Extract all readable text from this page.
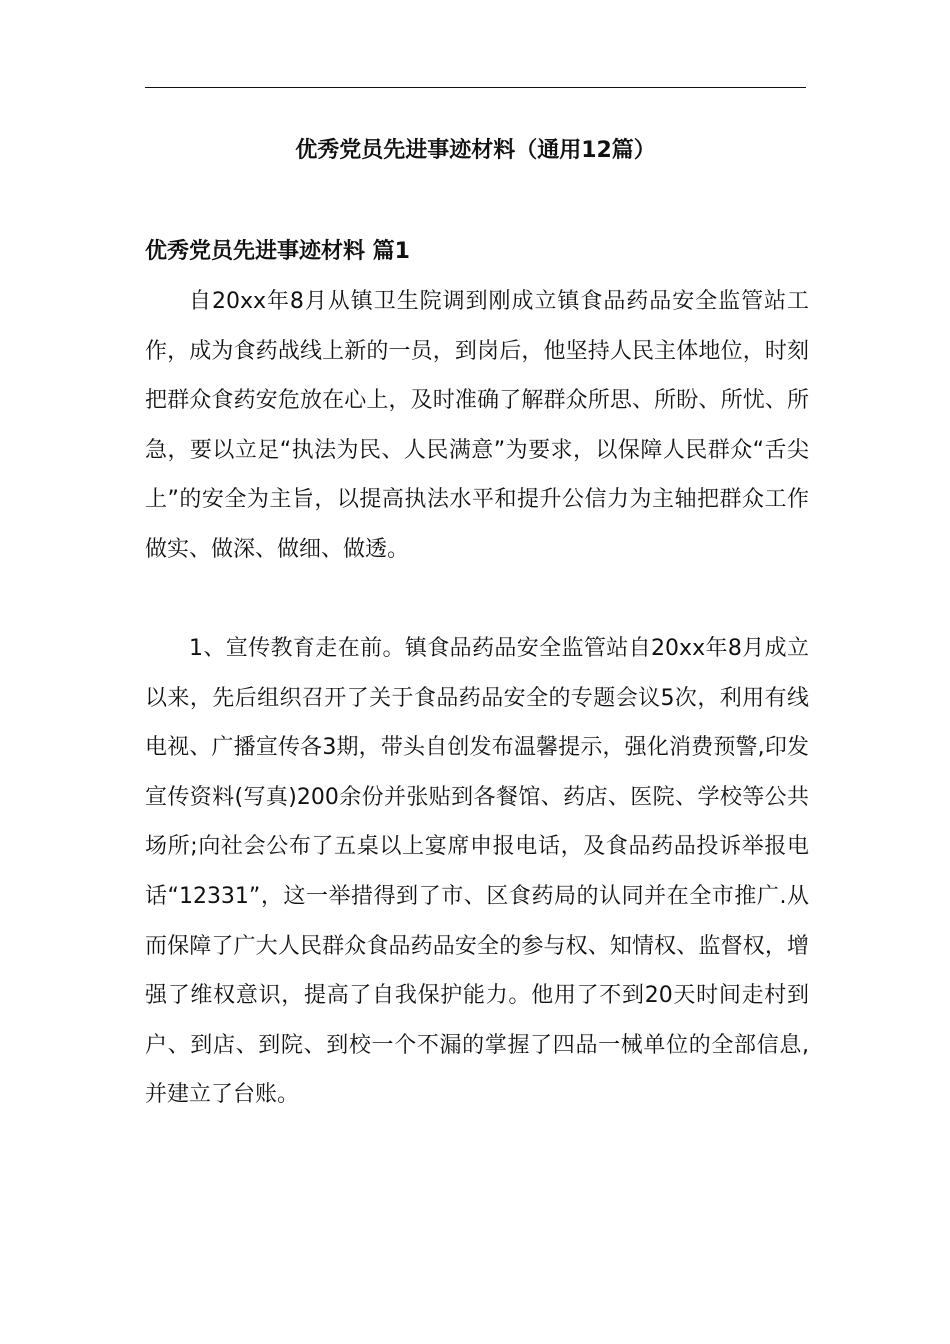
优秀党员先进事迹材料（通用12篇）
优秀党员先进事迹材料 篇1

自20xx年8月从镇卫生院调到刚成立镇食品药品安全监管站工作，成为食药战线上新的一员，到岗后，他坚持人民主体地位，时刻把群众食药安危放在心上，及时准确了解群众所思、所盼、所忧、所急，要以立足“执法为民、人民满意”为要求，以保障人民群众“舌尖上”的安全为主旨，以提高执法水平和提升公信力为主轴把群众工作做实、做深、做细、做透。

1、宣传教育走在前。镇食品药品安全监管站自20xx年8月成立以来，先后组织召开了关于食品药品安全的专题会议5次，利用有线电视、广播宣传各3期，带头自创发布温馨提示，强化消费预警,印发宣传资料(写真)200余份并张贴到各餐馆、药店、医院、学校等公共场所;向社会公布了五桌以上宴席申报电话，及食品药品投诉举报电话“12331”，这一举措得到了市、区食药局的认同并在全市推广.从而保障了广大人民群众食品药品安全的参与权、知情权、监督权，增强了维权意识，提高了自我保护能力。他用了不到20天时间走村到户、到店、到院、到校一个不漏的掌握了四品一械单位的全部信息,并建立了台账。
